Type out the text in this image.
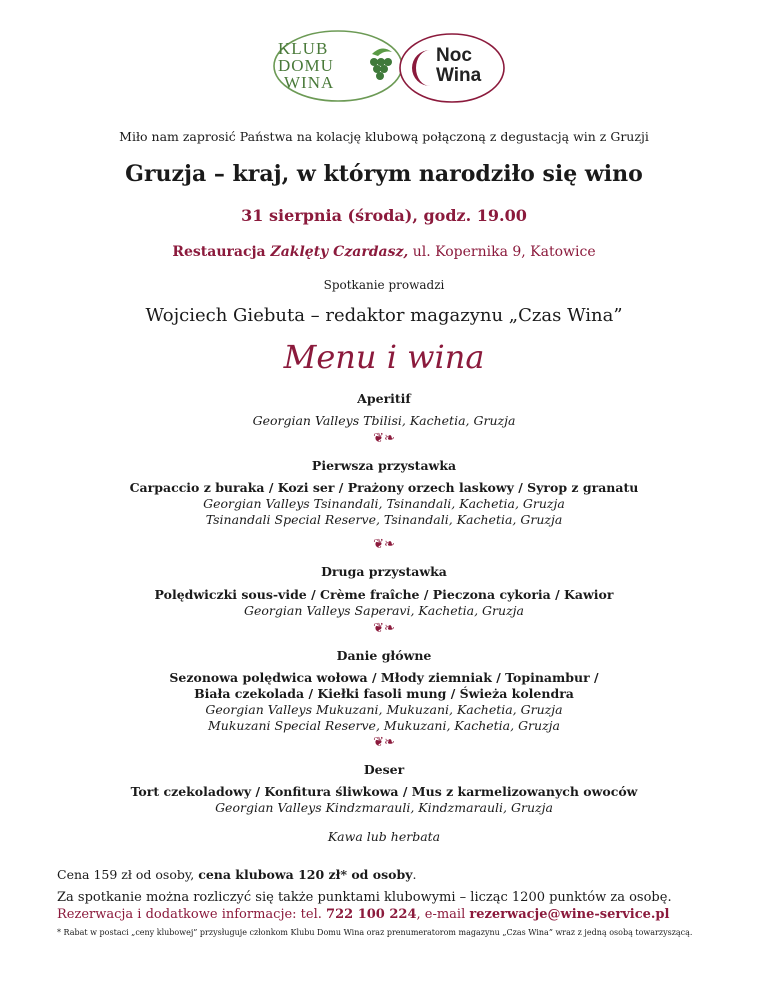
KLUB
DOMU
WINA
Noc
Wina
Miło nam zaprosić Państwa na kolację klubową połączoną z degustacją win z Gruzji
Gruzja – kraj, w którym narodziło się wino
31 sierpnia (środa), godz. 19.00
Restauracja Zaklęty Czardasz, ul. Kopernika 9, Katowice
Spotkanie prowadzi
Wojciech Giebuta – redaktor magazynu „Czas Wina”
Menu i wina
Aperitif
Georgian Valleys Tbilisi, Kachetia, Gruzja
❦❧
Pierwsza przystawka
Carpaccio z buraka / Kozi ser / Prażony orzech laskowy / Syrop z granatu
Georgian Valleys Tsinandali, Tsinandali, Kachetia, Gruzja
Tsinandali Special Reserve, Tsinandali, Kachetia, Gruzja
❦❧
Druga przystawka
Polędwiczki sous-vide / Crème fraîche / Pieczona cykoria / Kawior
Georgian Valleys Saperavi, Kachetia, Gruzja
❦❧
Danie główne
Sezonowa polędwica wołowa / Młody ziemniak / Topinambur /
Biała czekolada / Kiełki fasoli mung / Świeża kolendra
Georgian Valleys Mukuzani, Mukuzani, Kachetia, Gruzja
Mukuzani Special Reserve, Mukuzani, Kachetia, Gruzja
❦❧
Deser
Tort czekoladowy / Konfitura śliwkowa / Mus z karmelizowanych owoców
Georgian Valleys Kindzmarauli, Kindzmarauli, Gruzja
Kawa lub herbata
Cena 159 zł od osoby, cena klubowa 120 zł* od osoby.
Za spotkanie można rozliczyć się także punktami klubowymi – licząc 1200 punktów za osobę.
Rezerwacja i dodatkowe informacje: tel. 722 100 224, e-mail rezerwacje@wine-service.pl
* Rabat w postaci „ceny klubowej” przysługuje członkom Klubu Domu Wina oraz prenumeratorom magazynu „Czas Wina” wraz z jedną osobą towarzyszącą.
